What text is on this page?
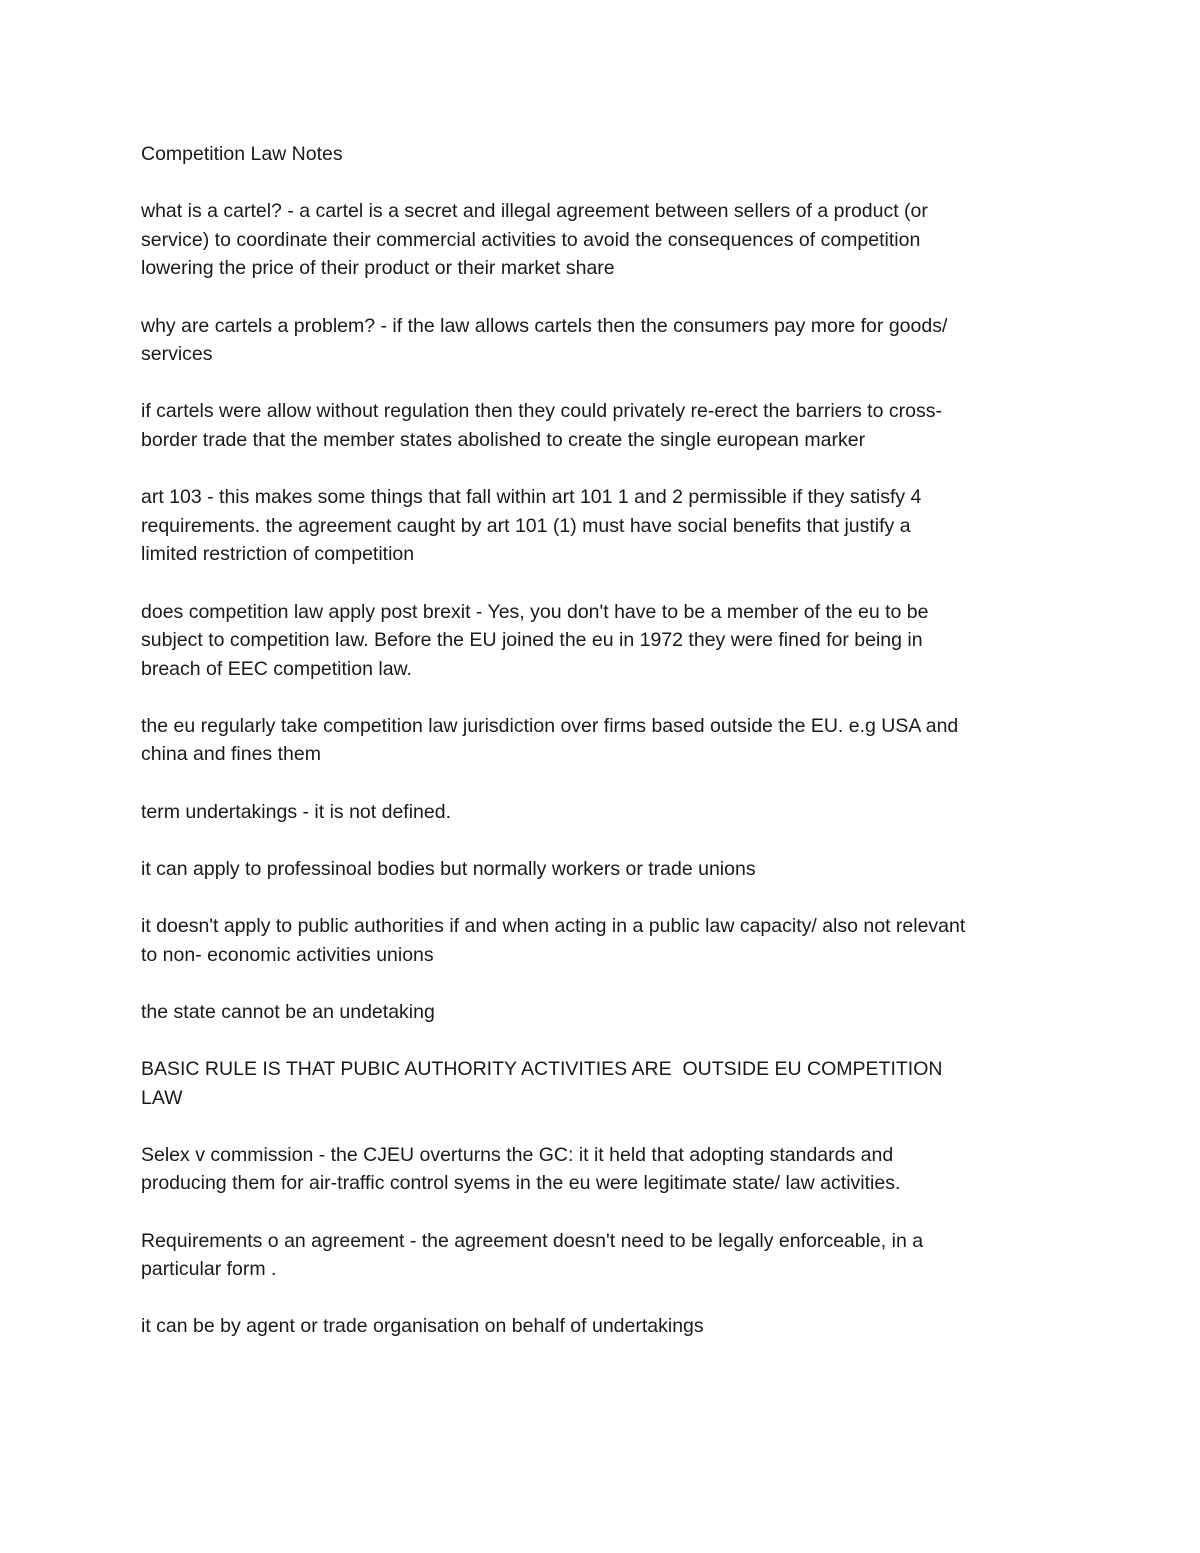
Competition Law Notes
what is a cartel? - a cartel is a secret and illegal agreement between sellers of a product (or
service) to coordinate their commercial activities to avoid the consequences of competition
lowering the price of their product or their market share
why are cartels a problem? - if the law allows cartels then the consumers pay more for goods/
services
if cartels were allow without regulation then they could privately re-erect the barriers to cross-
border trade that the member states abolished to create the single european marker
art 103 - this makes some things that fall within art 101 1 and 2 permissible if they satisfy 4
requirements. the agreement caught by art 101 (1) must have social benefits that justify a
limited restriction of competition
does competition law apply post brexit - Yes, you don't have to be a member of the eu to be
subject to competition law. Before the EU joined the eu in 1972 they were fined for being in
breach of EEC competition law.
the eu regularly take competition law jurisdiction over firms based outside the EU. e.g USA and
china and fines them
term undertakings - it is not defined.
it can apply to professinoal bodies but normally workers or trade unions
it doesn't apply to public authorities if and when acting in a public law capacity/ also not relevant
to non- economic activities unions
the state cannot be an undetaking
BASIC RULE IS THAT PUBIC AUTHORITY ACTIVITIES ARE  OUTSIDE EU COMPETITION
LAW
Selex v commission - the CJEU overturns the GC: it it held that adopting standards and
producing them for air-traffic control syems in the eu were legitimate state/ law activities.
Requirements o an agreement - the agreement doesn't need to be legally enforceable, in a
particular form .
it can be by agent or trade organisation on behalf of undertakings
